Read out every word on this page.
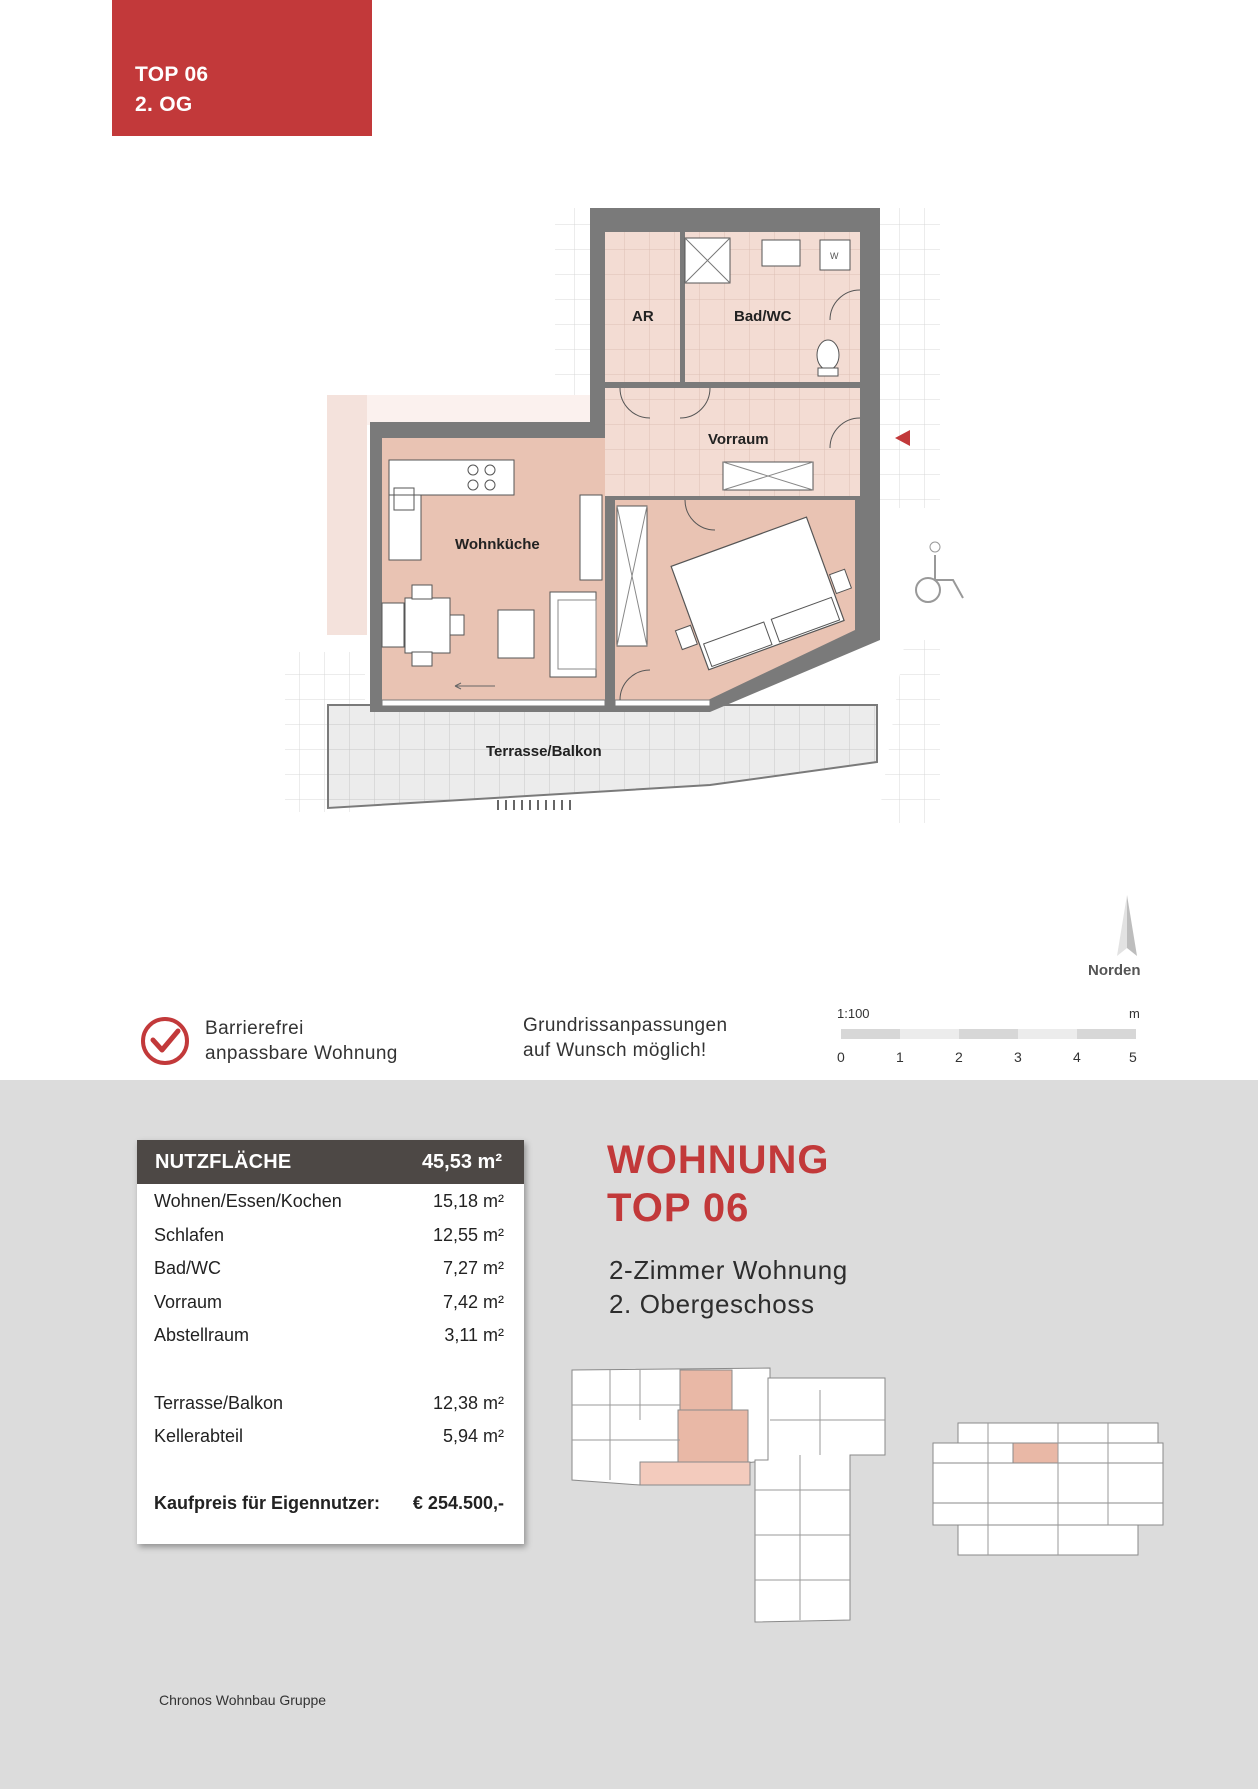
TOP 06
2. OG
W
AR	Bad/WC
Vorraum
Wohnküche
Terrasse/Balkon
Norden
Barrierefrei
anpassbare Wohnung
Grundrissanpassungen
auf Wunsch möglich!
1:100	m
0	1	2	3	4	5
NUTZFLÄCHE	45,53 m²
Wohnen/Essen/Kochen	15,18 m²
Schlafen	12,55 m²
Bad/WC	7,27 m²
Vorraum	7,42 m²
Abstellraum	3,11 m²
Terrasse/Balkon	12,38 m²
Kellerabteil	5,94 m²
Kaufpreis für Eigennutzer: € 254.500,-
WOHNUNG
TOP 06
2-Zimmer Wohnung
2. Obergeschoss
Chronos Wohnbau Gruppe
